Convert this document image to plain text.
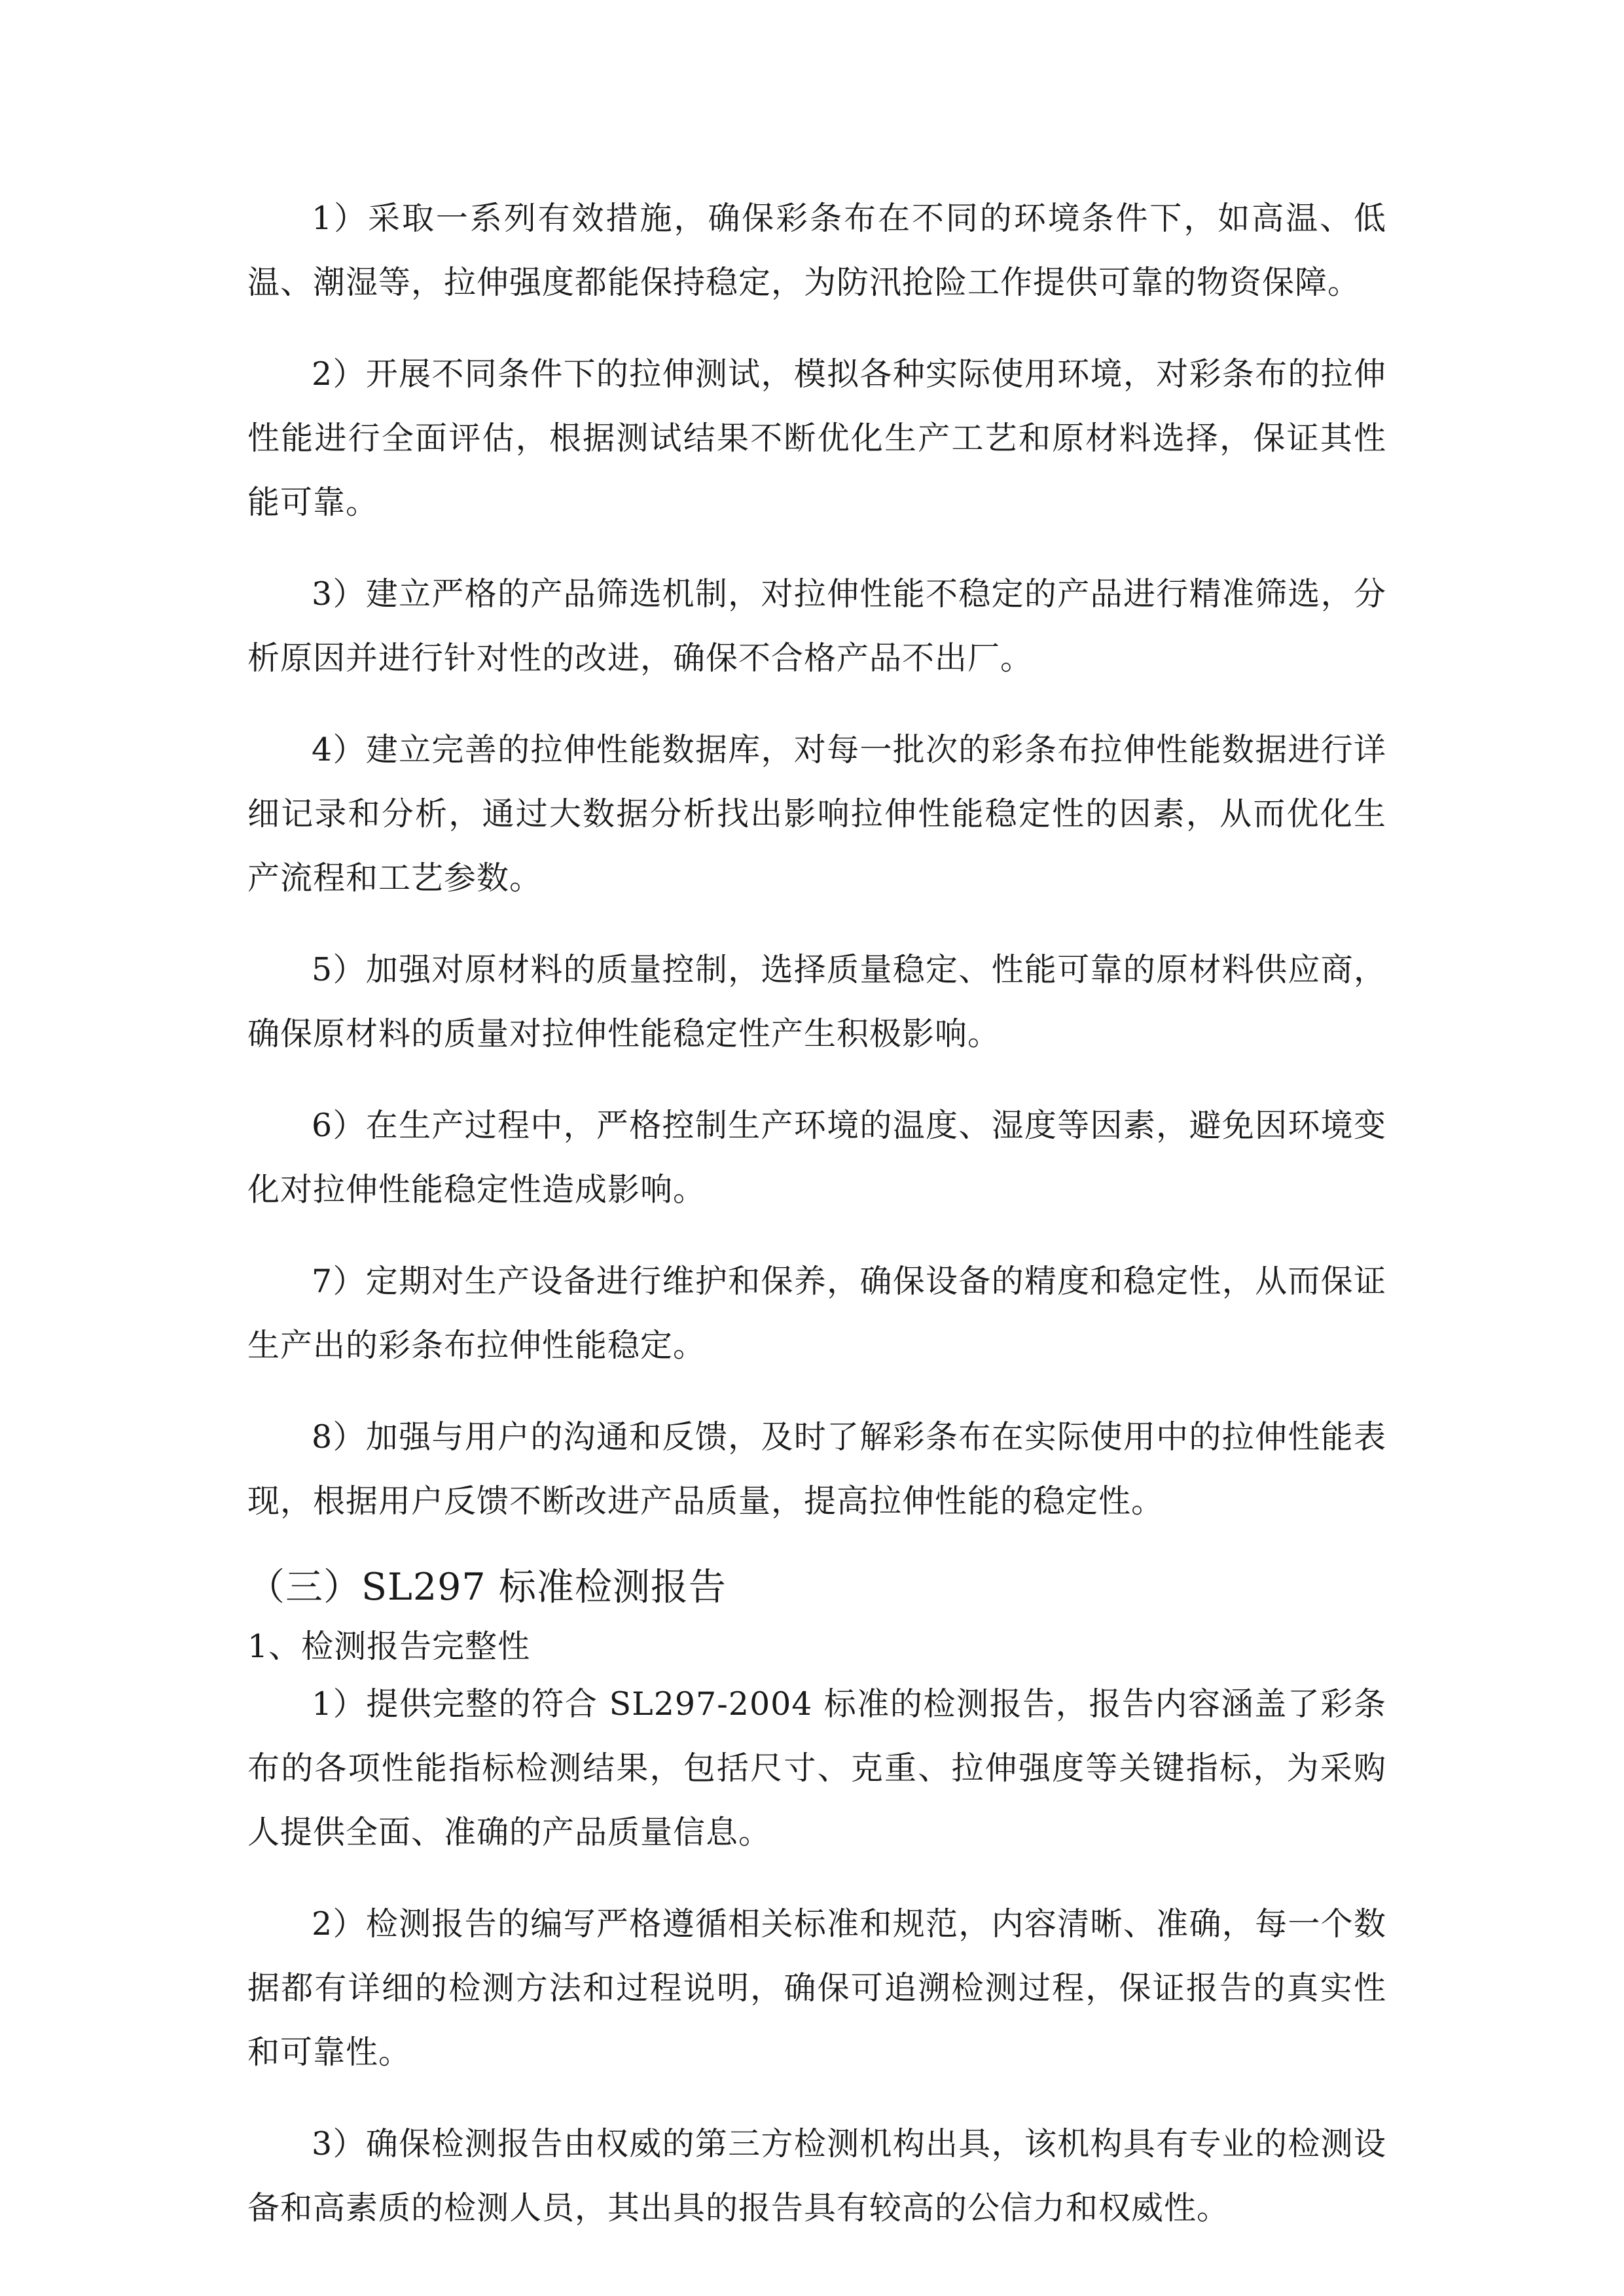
1）采取一系列有效措施，确保彩条布在不同的环境条件下，如高温、低温、潮湿等，拉伸强度都能保持稳定，为防汛抢险工作提供可靠的物资保障。

2）开展不同条件下的拉伸测试，模拟各种实际使用环境，对彩条布的拉伸性能进行全面评估，根据测试结果不断优化生产工艺和原材料选择，保证其性能可靠。

3）建立严格的产品筛选机制，对拉伸性能不稳定的产品进行精准筛选，分析原因并进行针对性的改进，确保不合格产品不出厂。

4）建立完善的拉伸性能数据库，对每一批次的彩条布拉伸性能数据进行详细记录和分析，通过大数据分析找出影响拉伸性能稳定性的因素，从而优化生产流程和工艺参数。

5）加强对原材料的质量控制，选择质量稳定、性能可靠的原材料供应商，确保原材料的质量对拉伸性能稳定性产生积极影响。

6）在生产过程中，严格控制生产环境的温度、湿度等因素，避免因环境变化对拉伸性能稳定性造成影响。

7）定期对生产设备进行维护和保养，确保设备的精度和稳定性，从而保证生产出的彩条布拉伸性能稳定。

8）加强与用户的沟通和反馈，及时了解彩条布在实际使用中的拉伸性能表现，根据用户反馈不断改进产品质量，提高拉伸性能的稳定性。

（三）SL297 标准检测报告
1、检测报告完整性

1）提供完整的符合 SL297-2004 标准的检测报告，报告内容涵盖了彩条布的各项性能指标检测结果，包括尺寸、克重、拉伸强度等关键指标，为采购人提供全面、准确的产品质量信息。

2）检测报告的编写严格遵循相关标准和规范，内容清晰、准确，每一个数据都有详细的检测方法和过程说明，确保可追溯检测过程，保证报告的真实性和可靠性。

3）确保检测报告由权威的第三方检测机构出具，该机构具有专业的检测设备和高素质的检测人员，其出具的报告具有较高的公信力和权威性。
